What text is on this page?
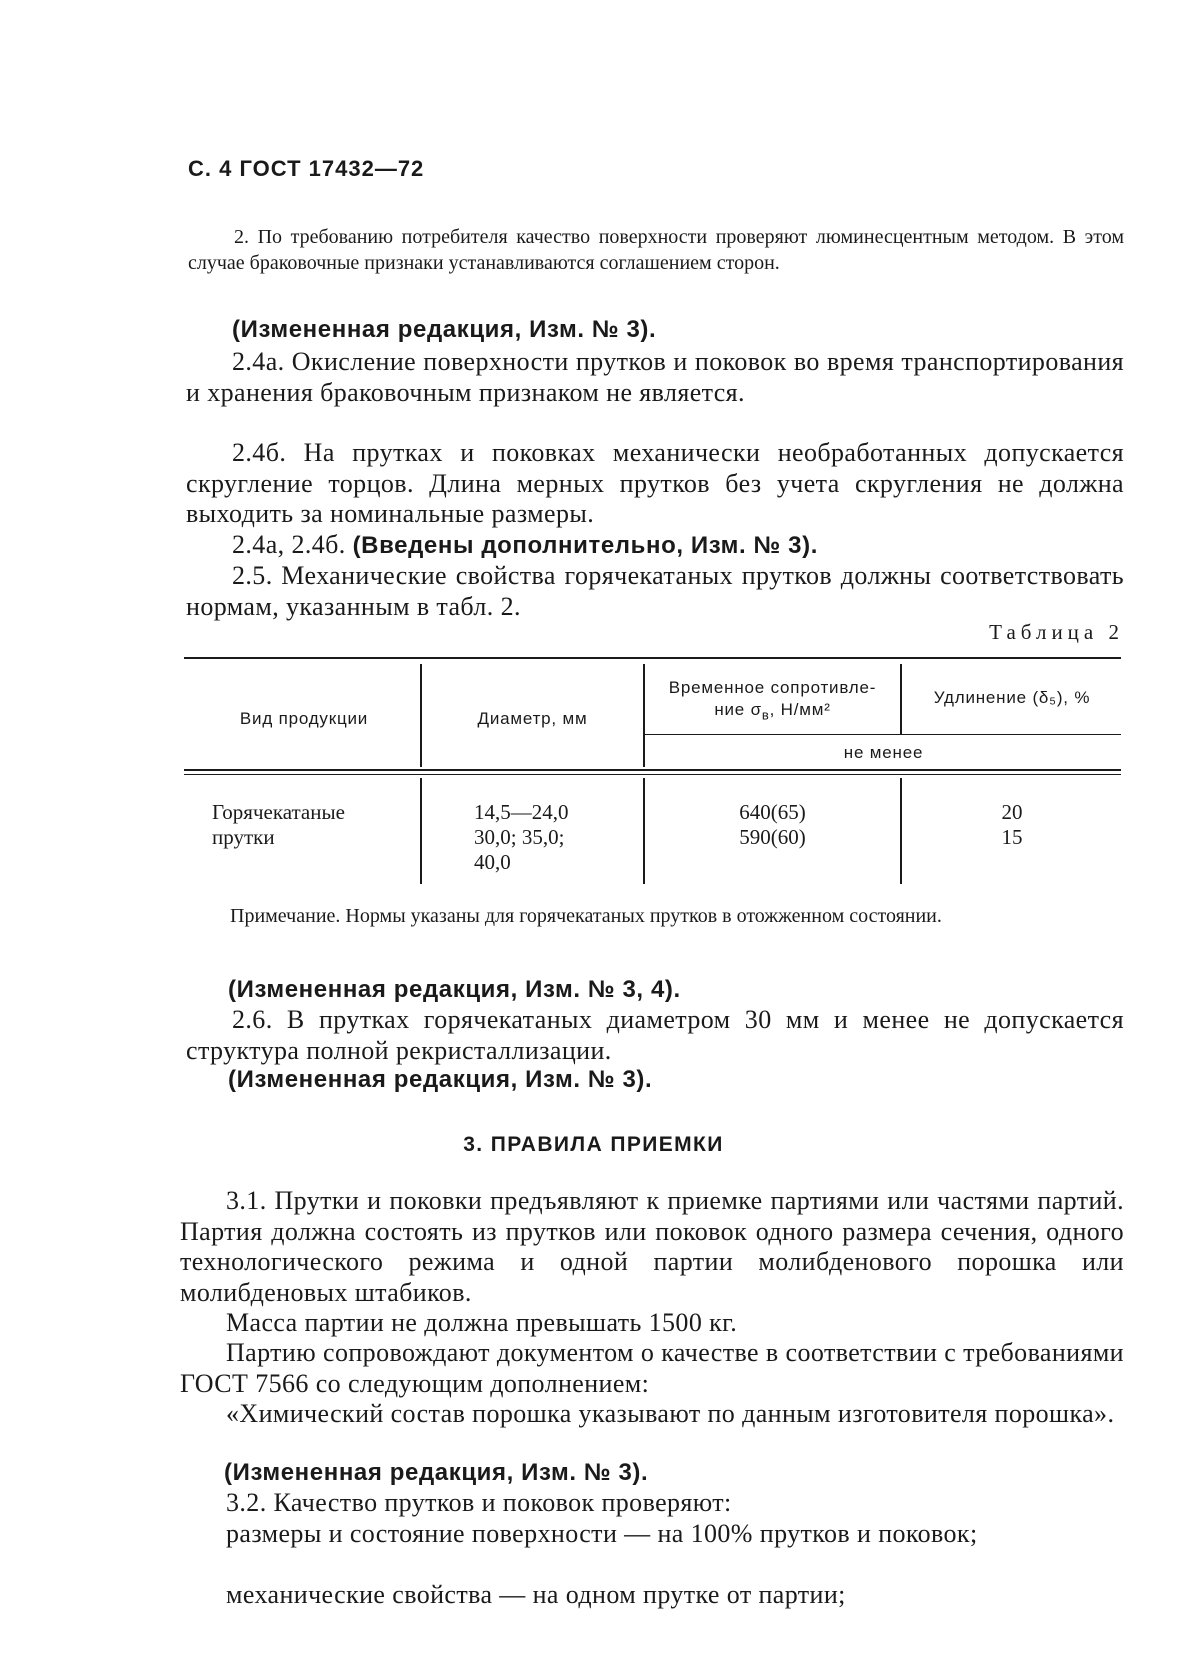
С. 4 ГОСТ 17432—72
2. По требованию потребителя качество поверхности проверяют люминесцентным методом. В этом случае браковочные признаки устанавливаются соглашением сторон.
(Измененная редакция, Изм. № 3).
2.4а. Окисление поверхности прутков и поковок во время транспортирования и хранения браковочным признаком не является.
2.4б. На прутках и поковках механически необработанных допускается скругление торцов. Длина мерных прутков без учета скругления не должна выходить за номинальные размеры.
2.4а, 2.4б. (Введены дополнительно, Изм. № 3).
2.5. Механические свойства горячекатаных прутков должны соответствовать нормам, указанным в табл. 2.
Таблица 2
Вид продукции	Диаметр, мм
Временное сопротивле-
ние $\sigma_в$, Н/мм²
Удлинение (δ₅), %
не менее
Горячекатаные
прутки
14,5—24,0
30,0; 35,0;
40,0
640(65)
590(60)
20
15
Примечание. Нормы указаны для горячекатаных прутков в отожженном состоянии.
(Измененная редакция, Изм. № 3, 4).
2.6. В прутках горячекатаных диаметром 30 мм и менее не допускается структура полной рекристаллизации.
(Измененная редакция, Изм. № 3).
3. ПРАВИЛА ПРИЕМКИ
3.1. Прутки и поковки предъявляют к приемке партиями или частями партий. Партия должна состоять из прутков или поковок одного размера сечения, одного технологического режима и одной партии молибденового порошка или молибденовых штабиков.
Масса партии не должна превышать 1500 кг.
Партию сопровождают документом о качестве в соответствии с требованиями ГОСТ 7566 со следующим дополнением:
«Химический состав порошка указывают по данным изготовителя порошка».
(Измененная редакция, Изм. № 3).
3.2. Качество прутков и поковок проверяют:
размеры и состояние поверхности — на 100% прутков и поковок;
механические свойства — на одном прутке от партии;
